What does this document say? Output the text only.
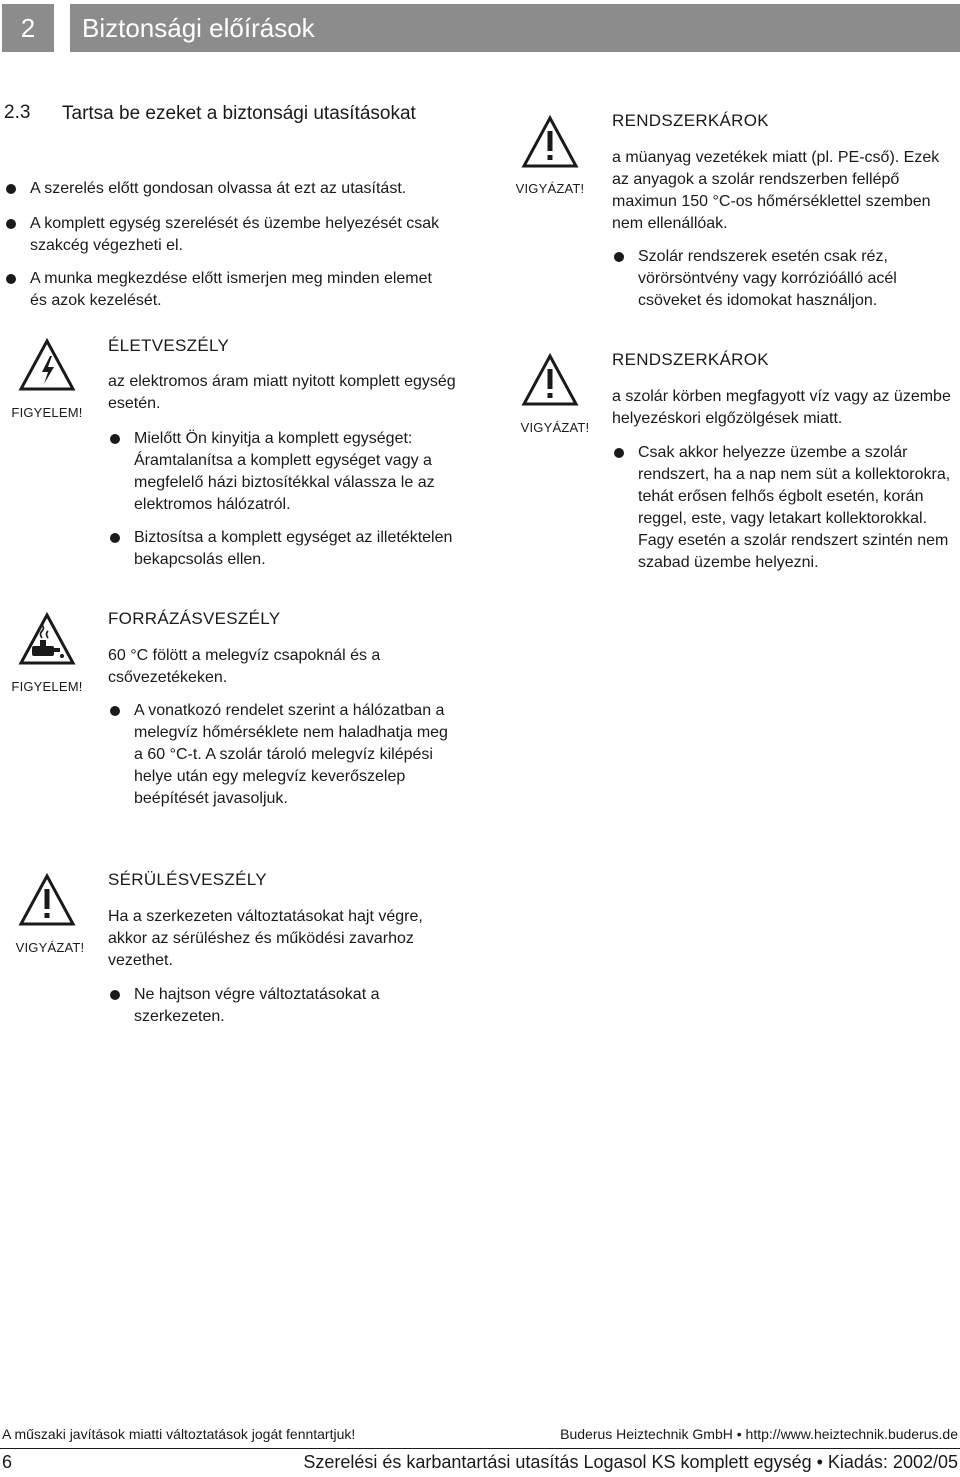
2	Biztonsági előírások
2.3 Tartsa be ezeket a biztonsági utasításokat
A szerelés előtt gondosan olvassa át ezt az utasítást.
A komplett egység szerelését és üzembe helyezését csak szakcég végezheti el.
A munka megkezdése előtt ismerjen meg minden elemet és azok kezelését.
FIGYELEM!
ÉLETVESZÉLY
az elektromos áram miatt nyitott komplett egység esetén.
Mielőtt Ön kinyitja a komplett egységet: Áramtalanítsa a komplett egységet vagy a megfelelő házi biztosítékkal válassza le az elektromos hálózatról.
Biztosítsa a komplett egységet az illetéktelen bekapcsolás ellen.
FIGYELEM!
FORRÁZÁSVESZÉLY
60 °C fölött a melegvíz csapoknál és a csővezetékeken.
A vonatkozó rendelet szerint a hálózatban a melegvíz hőmérséklete nem haladhatja meg a 60 °C-t. A szolár tároló melegvíz kilépési helye után egy melegvíz keverőszelep beépítését javasoljuk.
VIGYÁZAT!
SÉRÜLÉSVESZÉLY
Ha a szerkezeten változtatásokat hajt végre, akkor az sérüléshez és működési zavarhoz vezethet.
Ne hajtson végre változtatásokat a szerkezeten.
VIGYÁZAT!
RENDSZERKÁROK
a müanyag vezetékek miatt (pl. PE-cső). Ezek az anyagok a szolár rendszerben fellépő maximun 150 °C-os hőmérséklettel szemben nem ellenállóak.
Szolár rendszerek esetén csak réz, vörörsöntvény vagy korrózióálló acél csöveket és idomokat használjon.
VIGYÁZAT!
RENDSZERKÁROK
a szolár körben megfagyott víz vagy az üzembe helyezéskori elgőzölgések miatt.
Csak akkor helyezze üzembe a szolár rendszert, ha a nap nem süt a kollektorokra, tehát erősen felhős égbolt esetén, korán reggel, este, vagy letakart kollektorokkal. Fagy esetén a szolár rendszert szintén nem szabad üzembe helyezni.
A műszaki javítások miatti változtatások jogát fenntartjuk!	Buderus Heiztechnik GmbH • http://www.heiztechnik.buderus.de
6	Szerelési és karbantartási utasítás Logasol KS komplett egység • Kiadás: 2002/05
